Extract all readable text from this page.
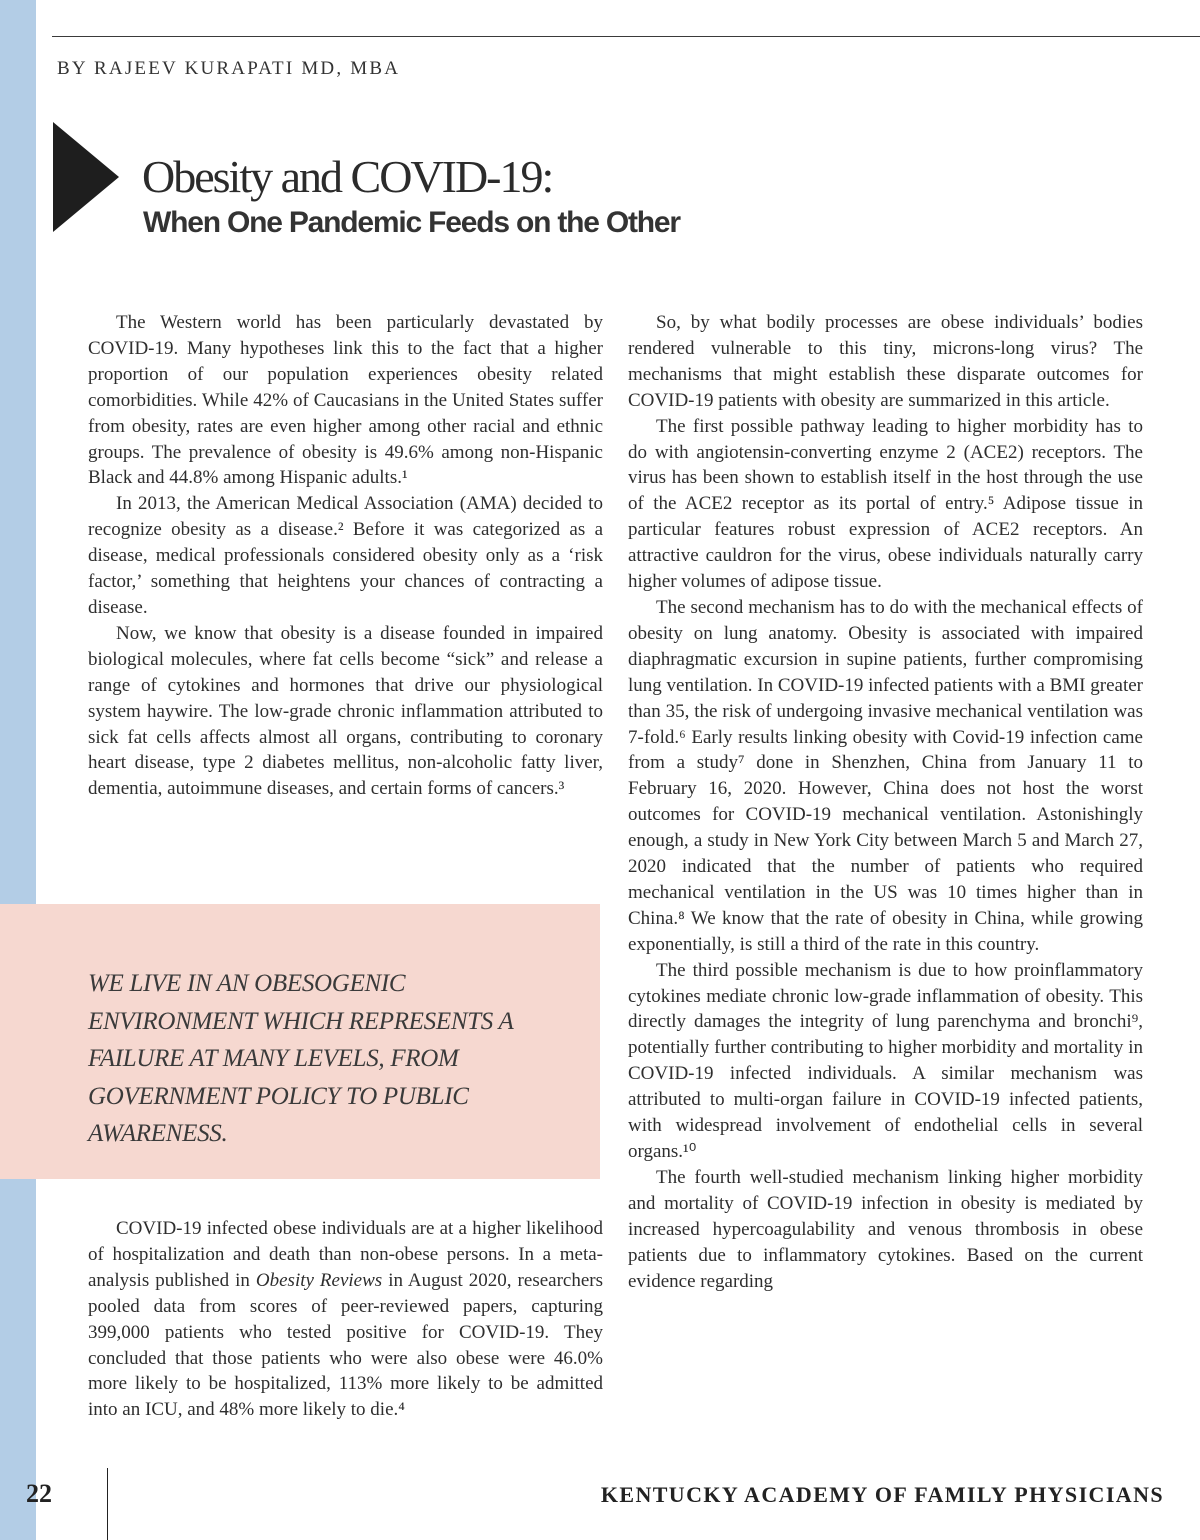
BY RAJEEV KURAPATI MD, MBA
Obesity and COVID-19:
When One Pandemic Feeds on the Other

The Western world has been particularly devastated by COVID-19. Many hypotheses link this to the fact that a higher proportion of our population experiences obesity related comorbidities. While 42% of Caucasians in the United States suffer from obesity, rates are even higher among other racial and ethnic groups. The prevalence of obesity is 49.6% among non-Hispanic Black and 44.8% among Hispanic adults.¹

In 2013, the American Medical Association (AMA) decided to recognize obesity as a disease.² Before it was categorized as a disease, medical professionals considered obesity only as a ‘risk factor,’ something that heightens your chances of contracting a disease.

Now, we know that obesity is a disease founded in impaired biological molecules, where fat cells become “sick” and release a range of cytokines and hormones that drive our physiological system haywire. The low-grade chronic inflammation attributed to sick fat cells affects almost all organs, contributing to coronary heart disease, type 2 diabetes mellitus, non-alcoholic fatty liver, dementia, autoimmune diseases, and certain forms of cancers.³

WE LIVE IN AN OBESOGENIC ENVIRONMENT WHICH REPRESENTS A FAILURE AT MANY LEVELS, FROM GOVERNMENT POLICY TO PUBLIC AWARENESS.

COVID-19 infected obese individuals are at a higher likelihood of hospitalization and death than non-obese persons. In a meta-analysis published in Obesity Reviews in August 2020, researchers pooled data from scores of peer-reviewed papers, capturing 399,000 patients who tested positive for COVID-19. They concluded that those patients who were also obese were 46.0% more likely to be hospitalized, 113% more likely to be admitted into an ICU, and 48% more likely to die.⁴

So, by what bodily processes are obese individuals’ bodies rendered vulnerable to this tiny, microns-long virus? The mechanisms that might establish these disparate outcomes for COVID-19 patients with obesity are summarized in this article.

The first possible pathway leading to higher morbidity has to do with angiotensin-converting enzyme 2 (ACE2) receptors. The virus has been shown to establish itself in the host through the use of the ACE2 receptor as its portal of entry.⁵ Adipose tissue in particular features robust expression of ACE2 receptors. An attractive cauldron for the virus, obese individuals naturally carry higher volumes of adipose tissue.

The second mechanism has to do with the mechanical effects of obesity on lung anatomy. Obesity is associated with impaired diaphragmatic excursion in supine patients, further compromising lung ventilation. In COVID-19 infected patients with a BMI greater than 35, the risk of undergoing invasive mechanical ventilation was 7-fold.⁶ Early results linking obesity with Covid-19 infection came from a study⁷ done in Shenzhen, China from January 11 to February 16, 2020. However, China does not host the worst outcomes for COVID-19 mechanical ventilation. Astonishingly enough, a study in New York City between March 5 and March 27, 2020 indicated that the number of patients who required mechanical ventilation in the US was 10 times higher than in China.⁸ We know that the rate of obesity in China, while growing exponentially, is still a third of the rate in this country.

The third possible mechanism is due to how proinflammatory cytokines mediate chronic low-grade inflammation of obesity. This directly damages the integrity of lung parenchyma and bronchi⁹, potentially further contributing to higher morbidity and mortality in COVID-19 infected individuals. A similar mechanism was attributed to multi-organ failure in COVID-19 infected patients, with widespread involvement of endothelial cells in several organs.¹⁰

The fourth well-studied mechanism linking higher morbidity and mortality of COVID-19 infection in obesity is mediated by increased hypercoagulability and venous thrombosis in obese patients due to inflammatory cytokines. Based on the current evidence regarding

22	KENTUCKY ACADEMY OF FAMILY PHYSICIANS
